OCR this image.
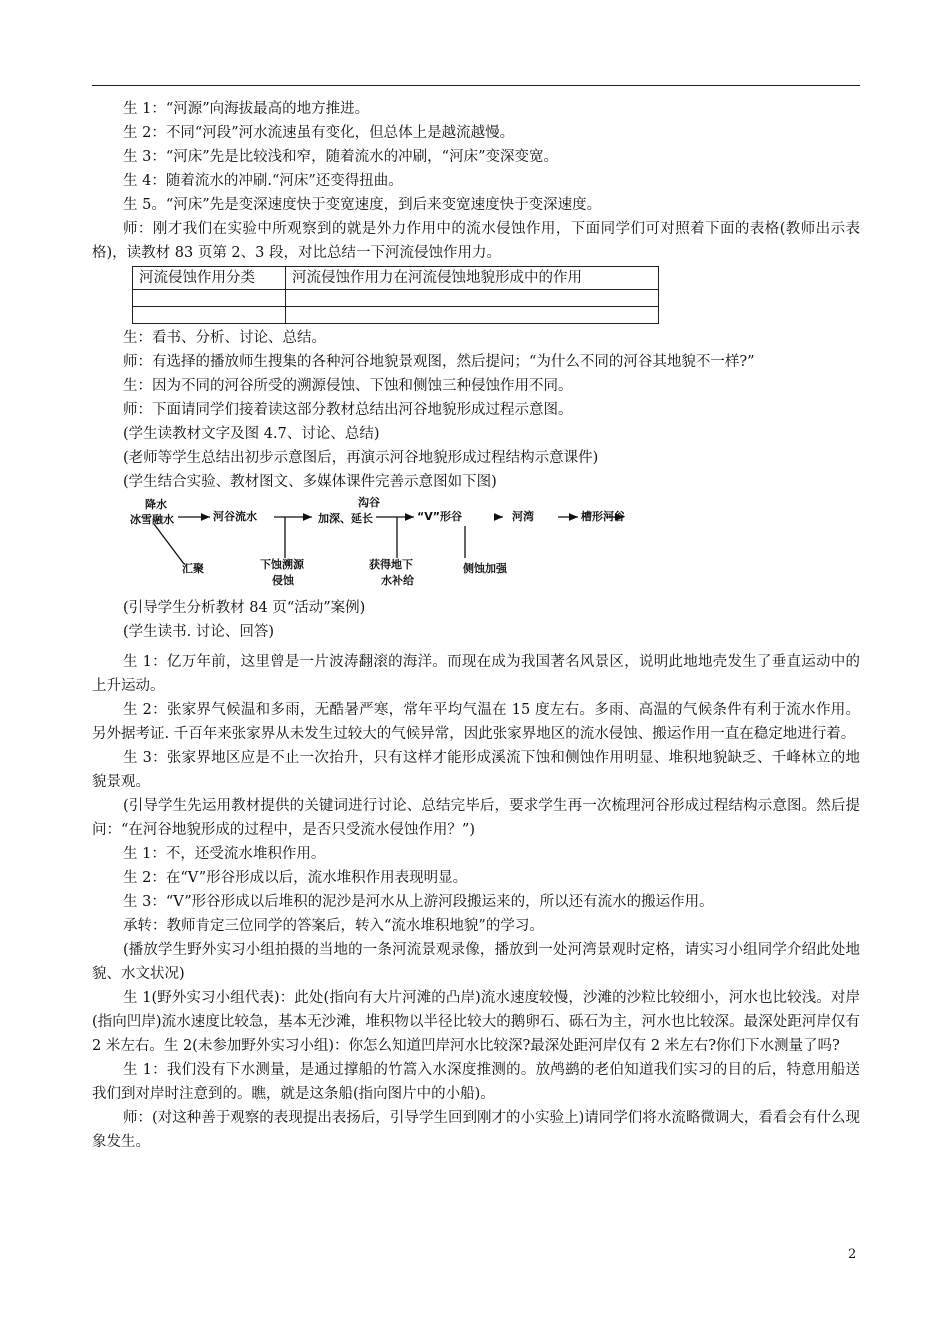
生 1：“河源”向海拔最高的地方推进。
生 2：不同“河段”河水流速虽有变化，但总体上是越流越慢。
生 3：“河床”先是比较浅和窄，随着流水的冲刷，“河床”变深变宽。
生 4：随着流水的冲刷.“河床”还变得扭曲。
生 5。“河床”先是变深速度快于变宽速度，到后来变宽速度快于变深速度。
师：刚才我们在实验中所观察到的就是外力作用中的流水侵蚀作用，下面同学们可对照着下面的表格(教师出示表格)，读教材 83 页第 2、3 段，对比总结一下河流侵蚀作用力。
河流侵蚀作用分类	河流侵蚀作用力在河流侵蚀地貌形成中的作用

生：看书、分析、讨论、总结。
师：有选择的播放师生搜集的各种河谷地貌景观图，然后提问；“为什么不同的河谷其地貌不一样?”
生：因为不同的河谷所受的溯源侵蚀、下蚀和侧蚀三种侵蚀作用不同。
师：下面请同学们接着读这部分教材总结出河谷地貌形成过程示意图。
(学生读教材文字及图 4.7、讨论、总结)
(老师等学生总结出初步示意图后，再演示河谷地貌形成过程结构示意课件)
(学生结合实验、教材图文、多媒体课件完善示意图如下图)
降水
冰雪融水	河谷流水
沟谷
加深、延长	“V”形谷	河湾	槽形河谷
汇聚	下蚀溯源
侵蚀
获得地下
水补给
侧蚀加强
(引导学生分析教材 84 页“活动”案例)
(学生读书. 讨论、回答)
生 1：亿万年前，这里曾是一片波涛翻滚的海洋。而现在成为我国著名风景区，说明此地地壳发生了垂直运动中的上升运动。
生 2：张家界气候温和多雨，无酷暑严寒，常年平均气温在 15 度左右。多雨、高温的气候条件有利于流水作用。另外据考证. 千百年来张家界从未发生过较大的气候异常，因此张家界地区的流水侵蚀、搬运作用一直在稳定地进行着。
生 3：张家界地区应是不止一次抬升，只有这样才能形成溪流下蚀和侧蚀作用明显、堆积地貌缺乏、千峰林立的地貌景观。
(引导学生先运用教材提供的关键词进行讨论、总结完毕后，要求学生再一次梳理河谷形成过程结构示意图。然后提问：“在河谷地貌形成的过程中，是否只受流水侵蚀作用？”)
生 1：不，还受流水堆积作用。
生 2：在“V”形谷形成以后，流水堆积作用表现明显。
生 3：“V”形谷形成以后堆积的泥沙是河水从上游河段搬运来的，所以还有流水的搬运作用。
承转：教师肯定三位同学的答案后，转入“流水堆积地貌”的学习。
(播放学生野外实习小组拍摄的当地的一条河流景观录像，播放到一处河湾景观时定格，请实习小组同学介绍此处地貌、水文状况)
生 1(野外实习小组代表)：此处(指向有大片河滩的凸岸)流水速度较慢，沙滩的沙粒比较细小，河水也比较浅。对岸(指向凹岸)流水速度比较急，基本无沙滩，堆积物以半径比较大的鹅卵石、砾石为主，河水也比较深。最深处距河岸仅有 2 米左右。生 2(未参加野外实习小组)：你怎么知道凹岸河水比较深?最深处距河岸仅有 2 米左右?你们下水测量了吗?
生 1：我们没有下水测量，是通过撑船的竹篙入水深度推测的。放鸬鹚的老伯知道我们实习的目的后，特意用船送我们到对岸时注意到的。瞧，就是这条船(指向图片中的小船)。
师：(对这种善于观察的表现提出表扬后，引导学生回到刚才的小实验上)请同学们将水流略微调大，看看会有什么现象发生。
2
